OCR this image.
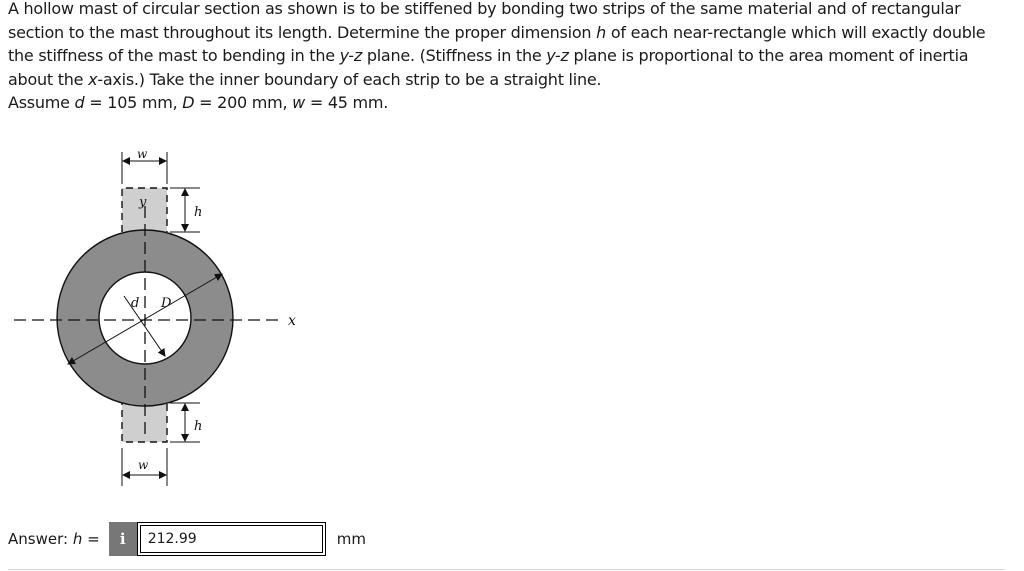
A hollow mast of circular section as shown is to be stiffened by bonding two strips of the same material and of rectangular section to the mast throughout its length. Determine the proper dimension h of each near-rectangle which will exactly double the stiffness of the mast to bending in the y-z plane. (Stiffness in the y-z plane is proportional to the area moment of inertia about the x-axis.) Take the inner boundary of each strip to be a straight line.

Assume d = 105 mm, D = 200 mm, w = 45 mm.

x
y
w
w
h
h
d D
Answer: h = i	212.99	mm
